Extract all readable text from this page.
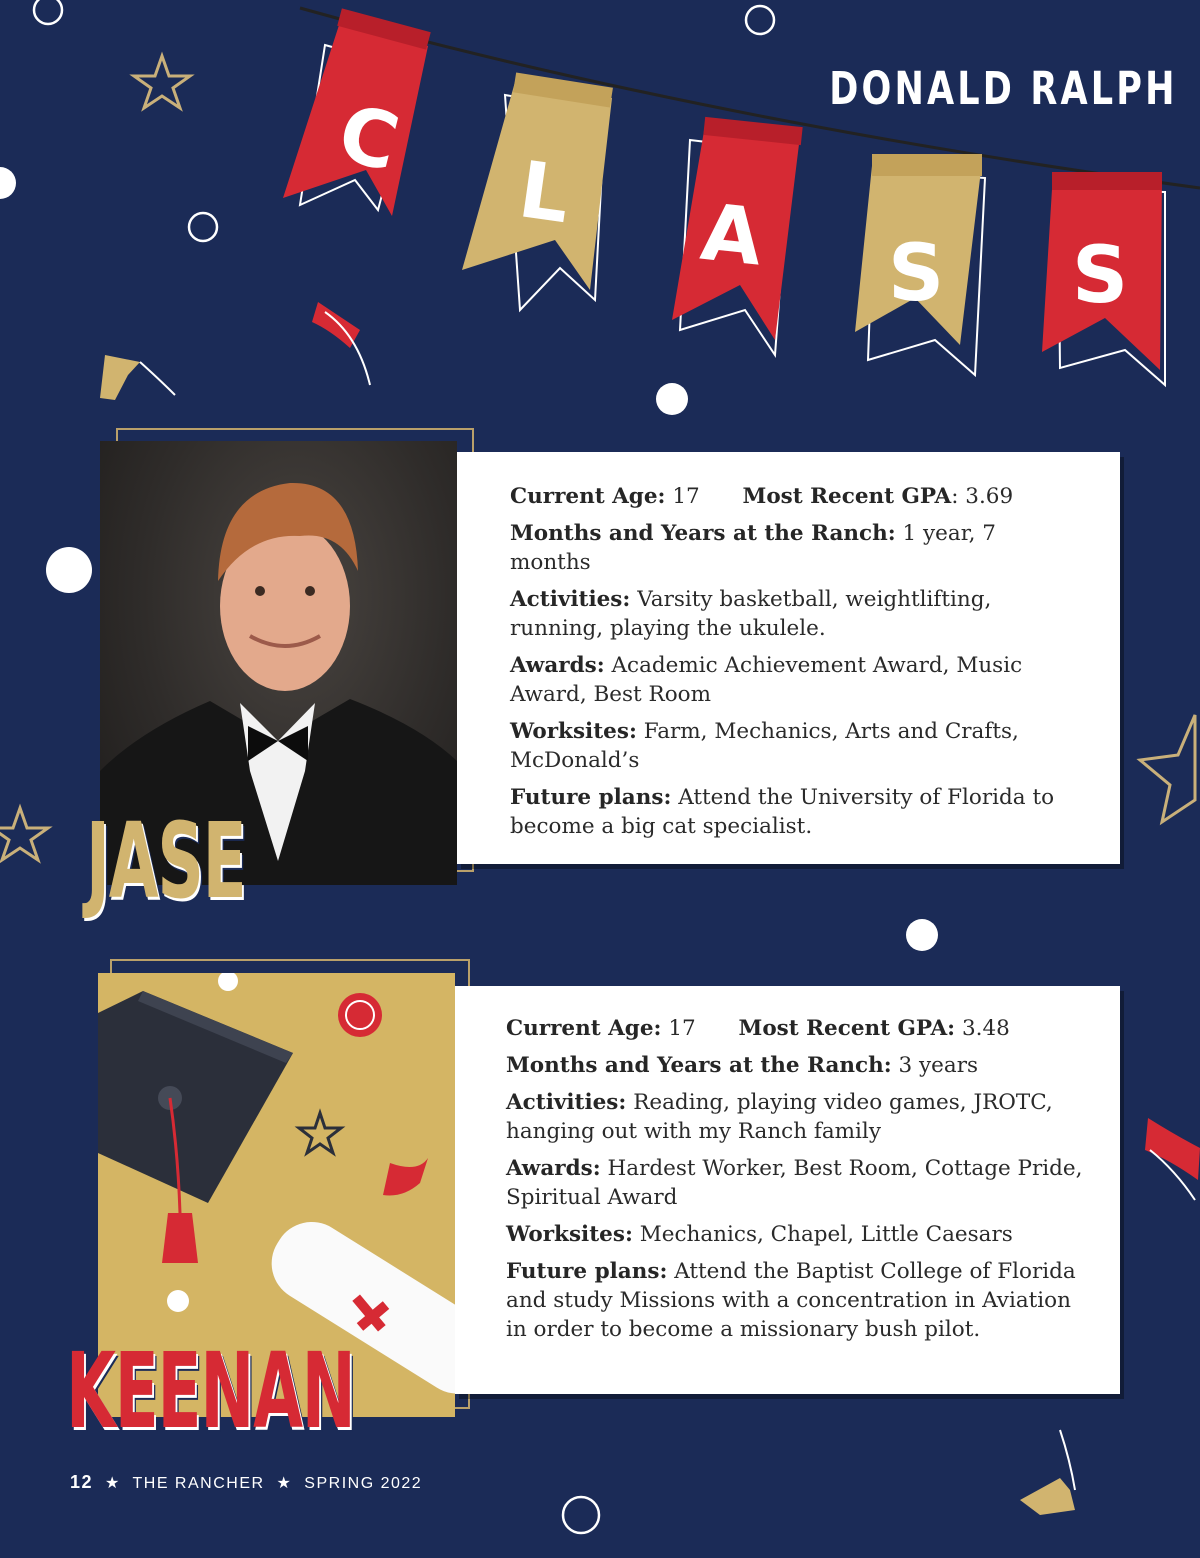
C
L A S S
DONALD RALPH
JASE
Current Age: 17 Most Recent GPA: 3.69
Months and Years at the Ranch: 1 year, 7 months
Activities: Varsity basketball, weightlifting, running, playing the ukulele.
Awards: Academic Achievement Award, Music Award, Best Room
Worksites: Farm, Mechanics, Arts and Crafts, McDonald’s
Future plans: Attend the University of Florida to become a big cat specialist.
KEENAN
Current Age: 17 Most Recent GPA: 3.48
Months and Years at the Ranch: 3 years
Activities: Reading, playing video games, JROTC, hanging out with my Ranch family
Awards: Hardest Worker, Best Room, Cottage Pride, Spiritual Award
Worksites: Mechanics, Chapel, Little Caesars
Future plans: Attend the Baptist College of Florida and study Missions with a concentration in Aviation in order to become a missionary bush pilot.
12 ★ THE RANCHER ★ SPRING 2022
